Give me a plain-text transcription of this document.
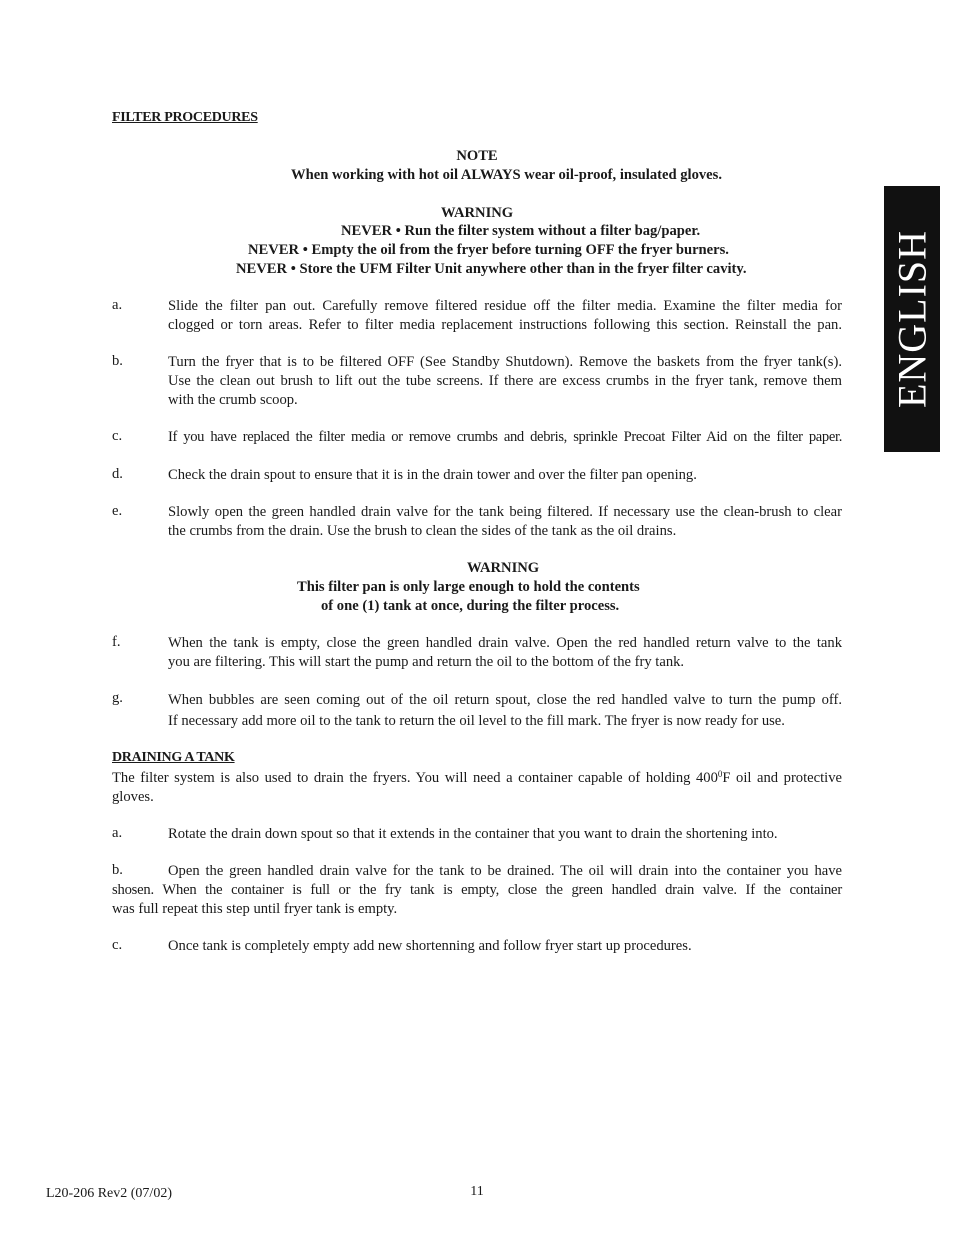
ENGLISH
FILTER PROCEDURES
NOTE
When working with hot oil ALWAYS wear oil-proof, insulated gloves.
WARNING
NEVER • Run the filter system without a filter bag/paper.
NEVER • Empty the oil from the fryer before turning OFF the fryer burners.
NEVER • Store the UFM Filter Unit anywhere other than in the fryer filter cavity.
a.	Slide the filter pan out. Carefully remove filtered residue off the filter media. Examine the filter media for
clogged or torn areas. Refer to filter media replacement instructions following this section. Reinstall the pan.
b.	Turn the fryer that is to be filtered OFF (See Standby Shutdown). Remove the baskets from the fryer tank(s).
Use the clean out brush to lift out the tube screens. If there are excess crumbs in the fryer tank, remove them
with the crumb scoop.
c.	If you have replaced the filter media or remove crumbs and debris, sprinkle Precoat Filter Aid on the filter paper.
d.	Check the drain spout to ensure that it is in the drain tower and over the filter pan opening.
e.	Slowly open the green handled drain valve for the tank being filtered. If necessary use the clean-brush to clear
the crumbs from the drain. Use the brush to clean the sides of the tank as the oil drains.
WARNING
This filter pan is only large enough to hold the contents
of one (1) tank at once, during the filter process.
f.	When the tank is empty, close the green handled drain valve. Open the red handled return valve to the tank
you are filtering. This will start the pump and return the oil to the bottom of the fry tank.
g.	When bubbles are seen coming out of the oil return spout, close the red handled valve to turn the pump off.
If necessary add more oil to the tank to return the oil level to the fill mark. The fryer is now ready for use.
DRAINING A TANK
The filter system is also used to drain the fryers. You will need a container capable of holding $400^0F$ oil and protective
gloves.
a.	Rotate the drain down spout so that it extends in the container that you want to drain the shortening into.
b.	Open the green handled drain valve for the tank to be drained. The oil will drain into the container you have
shosen. When the container is full or the fry tank is empty, close the green handled drain valve. If the container
was full repeat this step until fryer tank is empty.
c.	Once tank is completely empty add new shortenning and follow fryer start up procedures.
L20-206 Rev2 (07/02)	11
